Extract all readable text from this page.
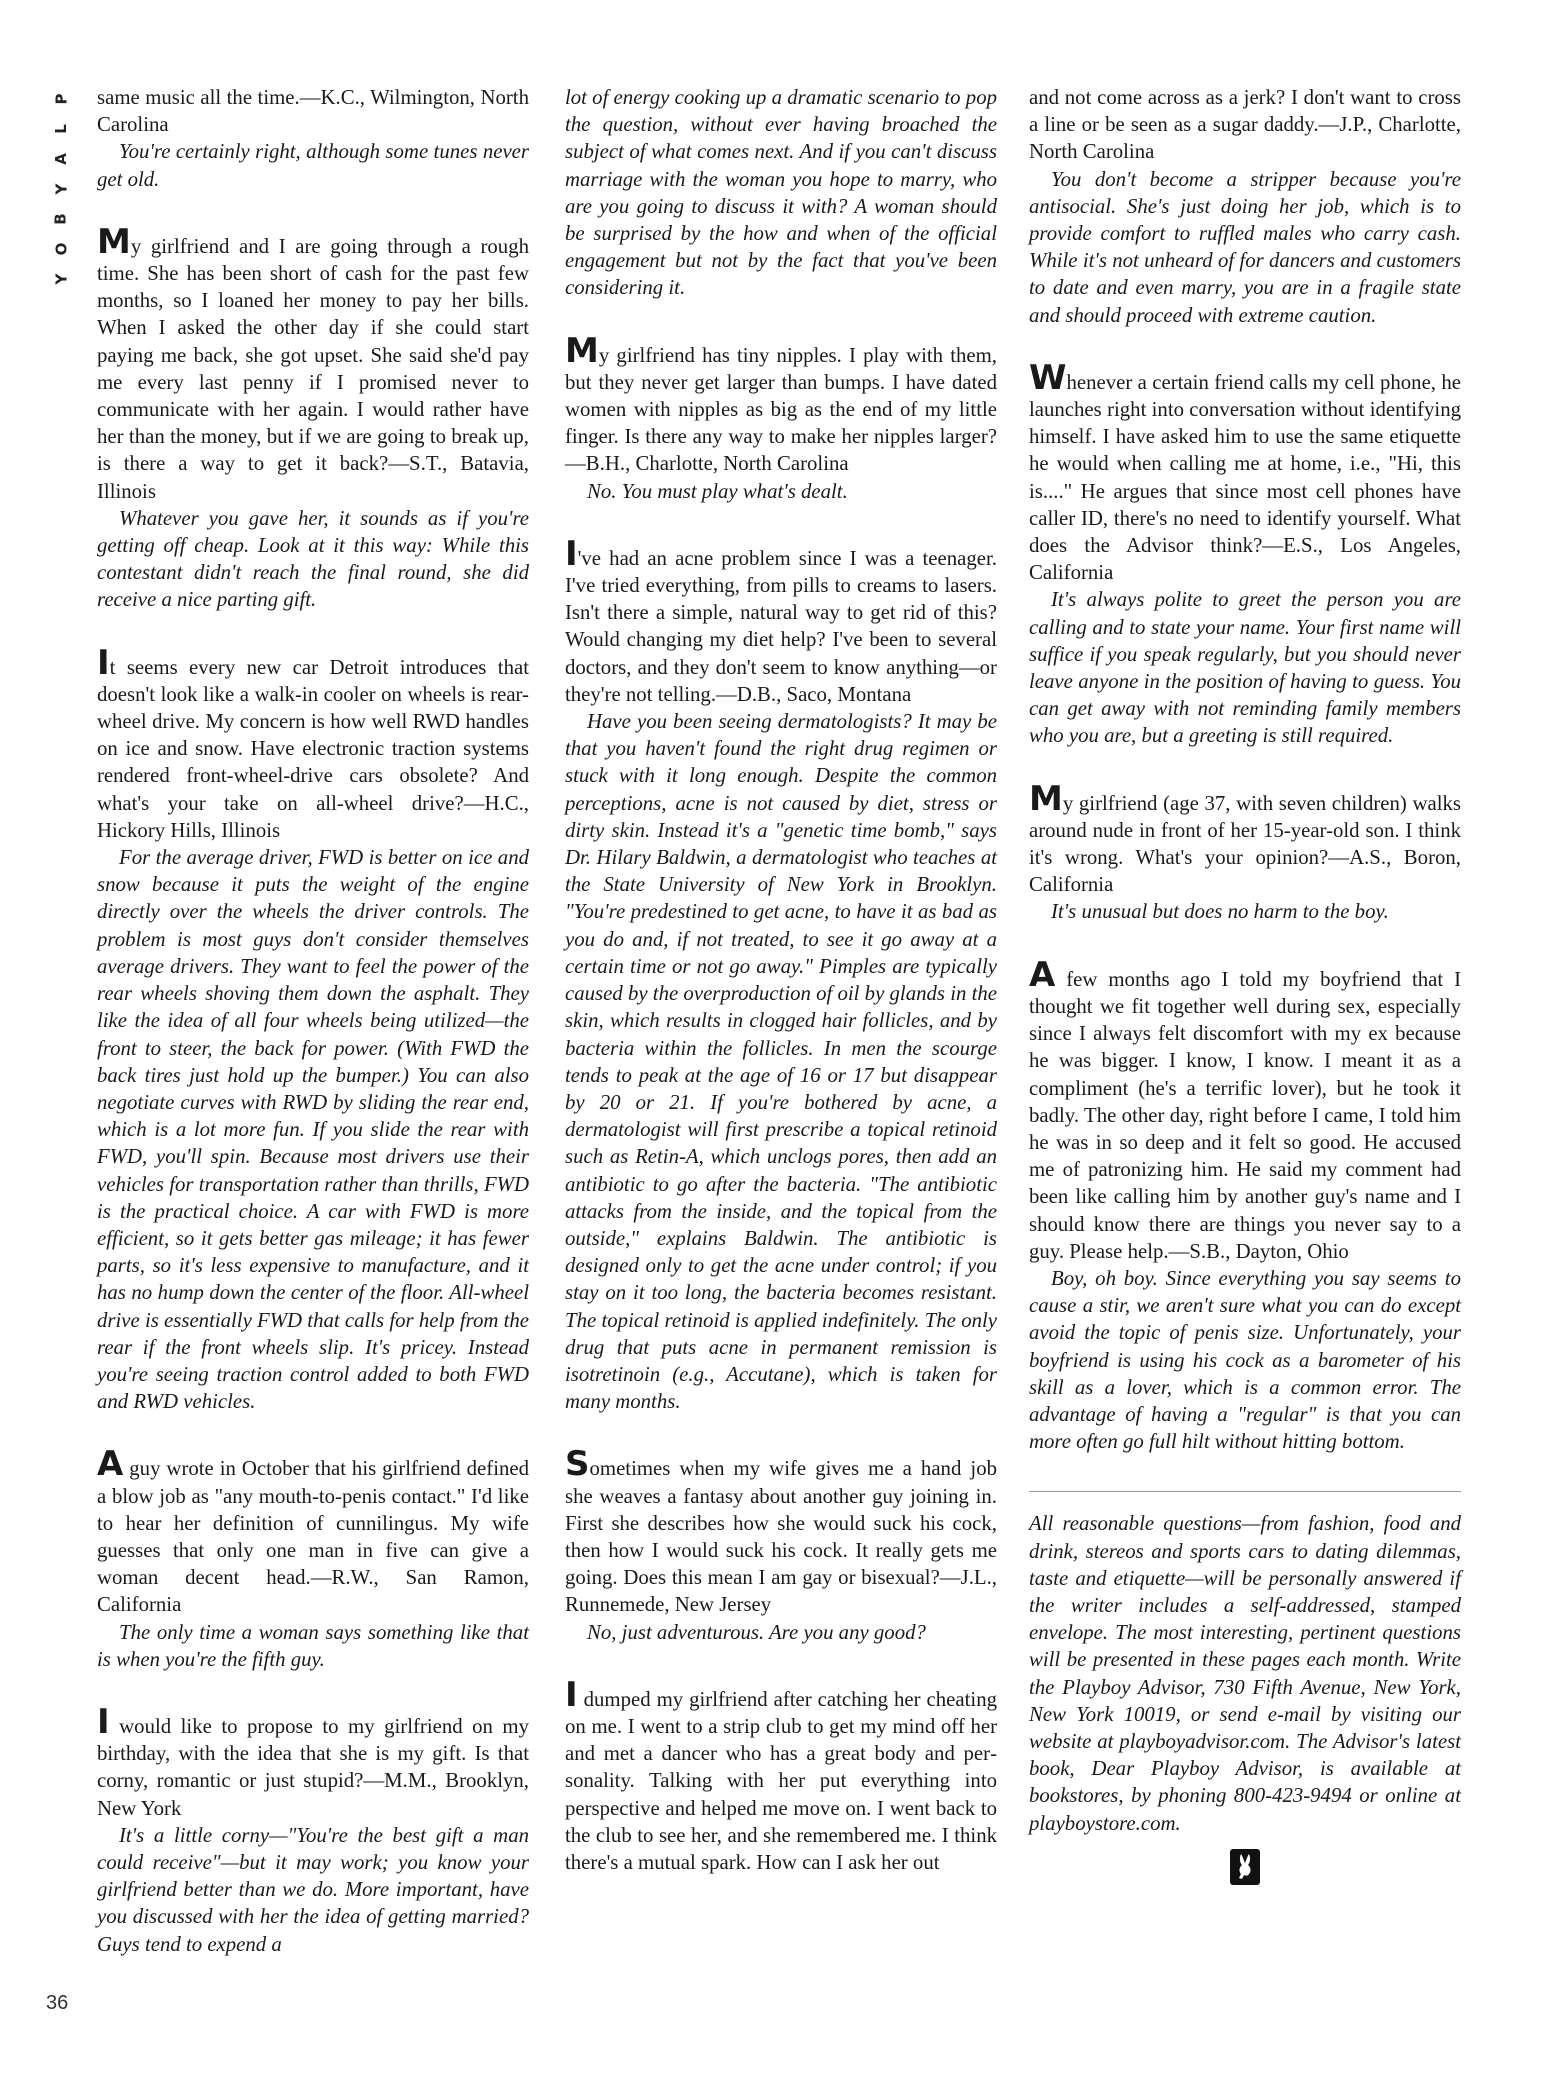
P
L
A
Y
B
O
Y
36

same music all the time.—K.C., Wilmington, North Carolina

You're certainly right, although some tunes never get old.

My girlfriend and I are going through a rough time. She has been short of cash for the past few months, so I loaned her money to pay her bills. When I asked the other day if she could start paying me back, she got upset. She said she'd pay me every last penny if I promised never to communicate with her again. I would rather have her than the money, but if we are going to break up, is there a way to get it back?—S.T., Batavia, Illinois

Whatever you gave her, it sounds as if you're getting off cheap. Look at it this way: While this contestant didn't reach the final round, she did receive a nice parting gift.

It seems every new car Detroit introduces that doesn't look like a walk-in cooler on wheels is rear-wheel drive. My concern is how well RWD handles on ice and snow. Have electronic traction systems rendered front-wheel-drive cars obsolete? And what's your take on all-wheel drive?—H.C., Hickory Hills, Illinois

For the average driver, FWD is better on ice and snow because it puts the weight of the engine directly over the wheels the driver controls. The problem is most guys don't consider themselves average drivers. They want to feel the power of the rear wheels shoving them down the asphalt. They like the idea of all four wheels being utilized—the front to steer, the back for power. (With FWD the back tires just hold up the bumper.) You can also negotiate curves with RWD by sliding the rear end, which is a lot more fun. If you slide the rear with FWD, you'll spin. Because most drivers use their vehicles for transportation rather than thrills, FWD is the practical choice. A car with FWD is more efficient, so it gets better gas mileage; it has fewer parts, so it's less expensive to manufacture, and it has no hump down the center of the floor. All-wheel drive is essentially FWD that calls for help from the rear if the front wheels slip. It's pricey. Instead you're seeing traction control added to both FWD and RWD vehicles.

A guy wrote in October that his girlfriend defined a blow job as "any mouth-to-penis contact." I'd like to hear her definition of cunnilingus. My wife guesses that only one man in five can give a woman decent head.—R.W., San Ramon, California

The only time a woman says something like that is when you're the fifth guy.

I would like to propose to my girlfriend on my birthday, with the idea that she is my gift. Is that corny, romantic or just stupid?—M.M., Brooklyn, New York

It's a little corny—"You're the best gift a man could receive"—but it may work; you know your girlfriend better than we do. More important, have you discussed with her the idea of getting married? Guys tend to expend a

lot of energy cooking up a dramatic scenario to pop the question, without ever having broached the subject of what comes next. And if you can't discuss marriage with the woman you hope to marry, who are you going to discuss it with? A woman should be surprised by the how and when of the official engagement but not by the fact that you've been considering it.

My girlfriend has tiny nipples. I play with them, but they never get larger than bumps. I have dated women with nipples as big as the end of my little finger. Is there any way to make her nipples larger?—B.H., Charlotte, North Carolina

No. You must play what's dealt.

I've had an acne problem since I was a teenager. I've tried everything, from pills to creams to lasers. Isn't there a simple, natural way to get rid of this? Would changing my diet help? I've been to several doctors, and they don't seem to know anything—or they're not telling.—D.B., Saco, Montana

Have you been seeing dermatologists? It may be that you haven't found the right drug regimen or stuck with it long enough. Despite the common perceptions, acne is not caused by diet, stress or dirty skin. Instead it's a "genetic time bomb," says Dr. Hilary Baldwin, a dermatologist who teaches at the State University of New York in Brooklyn. "You're predestined to get acne, to have it as bad as you do and, if not treated, to see it go away at a certain time or not go away." Pimples are typically caused by the overproduction of oil by glands in the skin, which results in clogged hair follicles, and by bacteria within the follicles. In men the scourge tends to peak at the age of 16 or 17 but disappear by 20 or 21. If you're bothered by acne, a dermatologist will first prescribe a topical retinoid such as Retin-A, which unclogs pores, then add an antibiotic to go after the bacteria. "The antibiotic attacks from the inside, and the topical from the outside," explains Baldwin. The antibiotic is designed only to get the acne under control; if you stay on it too long, the bacteria becomes resistant. The topical retinoid is applied indefinitely. The only drug that puts acne in permanent remission is isotretinoin (e.g., Accutane), which is taken for many months.

Sometimes when my wife gives me a hand job she weaves a fantasy about another guy joining in. First she describes how she would suck his cock, then how I would suck his cock. It really gets me going. Does this mean I am gay or bisexual?—J.L., Runnemede, New Jersey

No, just adventurous. Are you any good?

I dumped my girlfriend after catching her cheating on me. I went to a strip club to get my mind off her and met a dancer who has a great body and personality. Talking with her put everything into perspective and helped me move on. I went back to the club to see her, and she remembered me. I think there's a mutual spark. How can I ask her out

and not come across as a jerk? I don't want to cross a line or be seen as a sugar daddy.—J.P., Charlotte, North Carolina

You don't become a stripper because you're antisocial. She's just doing her job, which is to provide comfort to ruffled males who carry cash. While it's not unheard of for dancers and customers to date and even marry, you are in a fragile state and should proceed with extreme caution.

Whenever a certain friend calls my cell phone, he launches right into conversation without identifying himself. I have asked him to use the same etiquette he would when calling me at home, i.e., "Hi, this is...." He argues that since most cell phones have caller ID, there's no need to identify yourself. What does the Advisor think?—E.S., Los Angeles, California

It's always polite to greet the person you are calling and to state your name. Your first name will suffice if you speak regularly, but you should never leave anyone in the position of having to guess. You can get away with not reminding family members who you are, but a greeting is still required.

My girlfriend (age 37, with seven children) walks around nude in front of her 15-year-old son. I think it's wrong. What's your opinion?—A.S., Boron, California

It's unusual but does no harm to the boy.

A few months ago I told my boyfriend that I thought we fit together well during sex, especially since I always felt discomfort with my ex because he was bigger. I know, I know. I meant it as a compliment (he's a terrific lover), but he took it badly. The other day, right before I came, I told him he was in so deep and it felt so good. He accused me of patronizing him. He said my comment had been like calling him by another guy's name and I should know there are things you never say to a guy. Please help.—S.B., Dayton, Ohio

Boy, oh boy. Since everything you say seems to cause a stir, we aren't sure what you can do except avoid the topic of penis size. Unfortunately, your boyfriend is using his cock as a barometer of his skill as a lover, which is a common error. The advantage of having a "regular" is that you can more often go full hilt without hitting bottom.

All reasonable questions—from fashion, food and drink, stereos and sports cars to dating dilemmas, taste and etiquette—will be personally answered if the writer includes a self-addressed, stamped envelope. The most interesting, pertinent questions will be presented in these pages each month. Write the Playboy Advisor, 730 Fifth Avenue, New York, New York 10019, or send e-mail by visiting our website at playboyadvisor.com. The Advisor's latest book, Dear Playboy Advisor, is available at bookstores, by phoning 800-423-9494 or online at playboystore.com.
